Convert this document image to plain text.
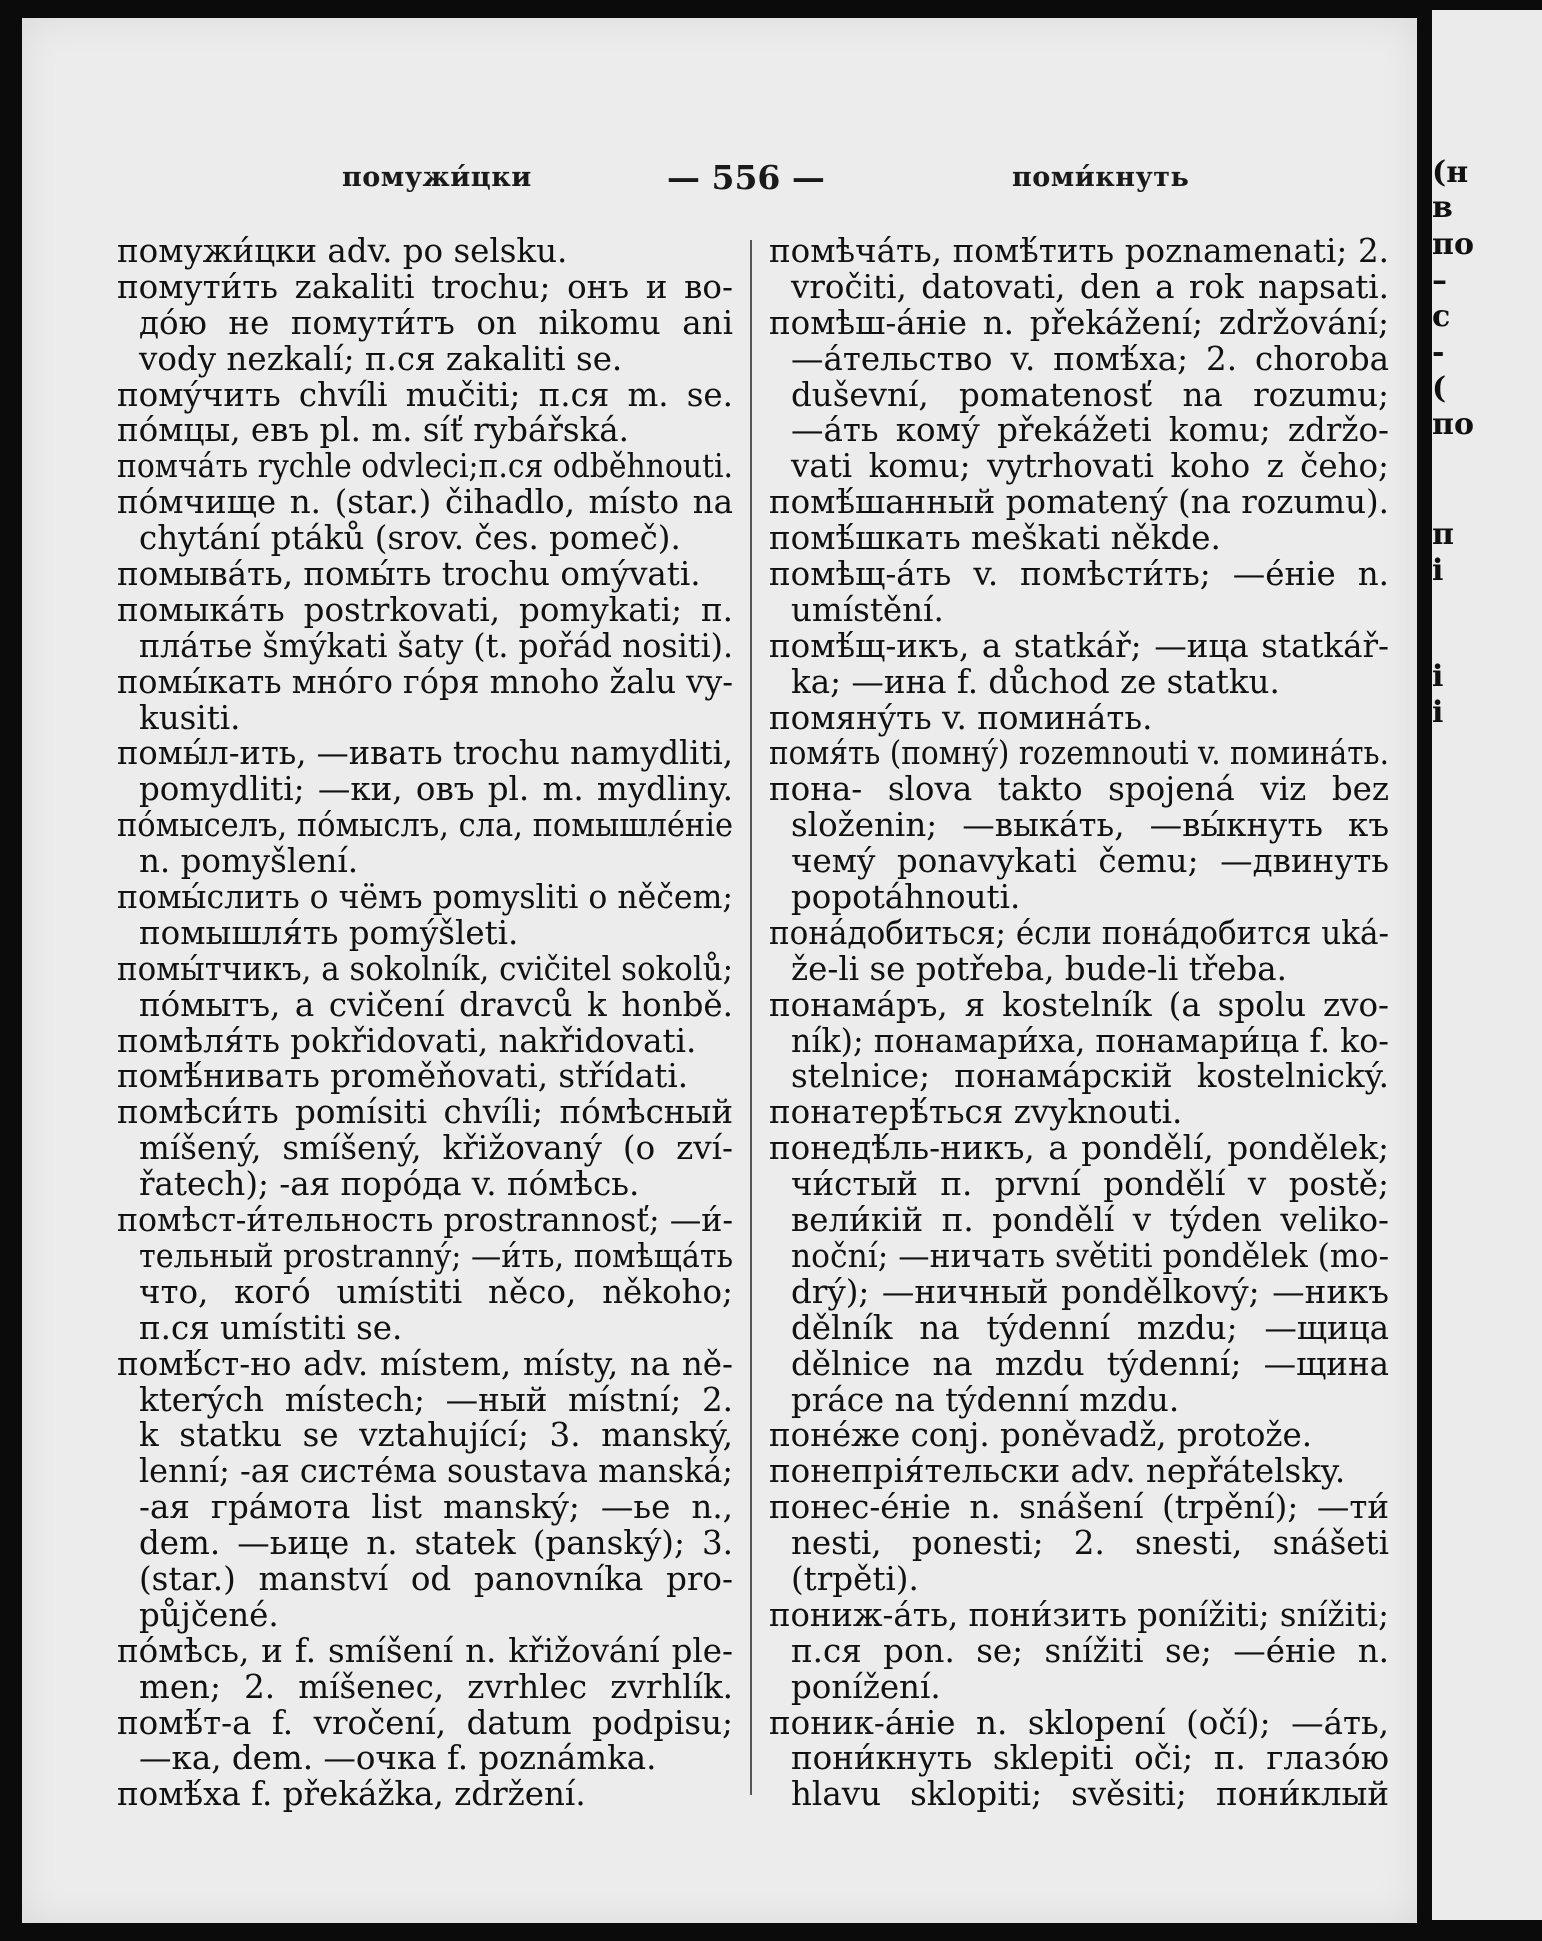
помужи́цки	— 556 —	поми́кнуть
помужи́цки adv. po selsku.
помути́ть zakaliti trochu; онъ и во-
до́ю не помути́тъ on nikomu ani
vody nezkalí; п.ся zakaliti se.
помýчить chvíli mučiti; п.ся m. se.
по́мцы, евъ pl. m. síť rybářská.
помча́ть rychle odvleci;п.ся odběhnouti.
по́мчище n. (star.) čihadlo, místo na
chytání ptáků (srov. čes. pomeč).
помыва́ть, помы́ть trochu omývati.
помыка́ть postrkovati, pomykati; п.
пла́тье šmýkati šaty (t. pořád nositi).
помы́кать мно́го го́ря mnoho žalu vy-
kusiti.
помы́л-ить, —ивать trochu namydliti,
pomydliti; —ки, овъ pl. m. mydliny.
по́мыселъ, по́мыслъ, сла, помышле́ніе
n. pomyšlení.
помы́слить о чёмъ pomysliti o něčem;
помышля́ть pomýšleti.
помы́тчикъ, a sokolník, cvičitel sokolů;
по́мытъ, a cvičení dravců k honbě.
помѣля́ть pokřidovati, nakřidovati.
помѣ́нивать proměňovati, střídati.
помѣси́ть pomísiti chvíli; по́мѣсный
míšený, smíšený, křižovaný (o zví-
řatech); -ая поро́да v. по́мѣсь.
помѣст-и́тельность prostrannosť; —и́-
тельный prostranný; —и́ть, помѣща́ть
что, кого́ umístiti něco, někoho;
п.ся umístiti se.
помѣ́ст-но adv. místem, místy, na ně-
kterých místech; —ный místní; 2.
k statku se vztahující; 3. manský,
lenní; -ая систе́ма soustava manská;
-ая гра́мота list manský; —ье n.,
dem. —ьице n. statek (panský); 3.
(star.) manství od panovníka pro-
půjčené.
по́мѣсь, и f. smíšení n. křižování ple-
men; 2. míšenec, zvrhlec zvrhlík.
помѣ́т-а f. vročení, datum podpisu;
—ка, dem. —очка f. poznámka.
помѣ́ха f. překážka, zdržení.
помѣча́ть, помѣ́тить poznamenati; 2.
vročiti, datovati, den a rok napsati.
помѣш-а́ніе n. překážení; zdržování;
—а́тельство v. помѣ́ха; 2. choroba
duševní, pomatenosť na rozumu;
—а́ть кому́ překážeti komu; zdržo-
vati komu; vytrhovati koho z čeho;
помѣ́шанный pomatený (na rozumu).
помѣ́шкать meškati někde.
помѣщ-а́ть v. помѣсти́ть; —е́ніе n.
umístění.
помѣ́щ-икъ, a statkář; —ица statkář-
ka; —ина f. důchod ze statku.
помянýть v. помина́ть.
помя́ть (помнý) rozemnouti v. помина́ть.
пона- slova takto spojená viz bez
složenin; —выка́ть, —вы́кнуть къ
чемý ponavykati čemu; —двинуть
popotáhnouti.
пона́добиться; е́сли пона́добится uká-
že-li se potřeba, bude-li třeba.
понама́ръ, я kostelník (a spolu zvo-
ník); понамари́ха, понамари́ца f. ko-
stelnice; понама́рскій kostelnický.
понатерѣ́ться zvyknouti.
понедѣ́ль-никъ, a pondělí, pondělek;
чи́стый п. první pondělí v postě;
вели́кій п. pondělí v týden veliko-
noční; —ничать světiti pondělek (mo-
drý); —ничный pondělkový; —никъ
dělník na týdenní mzdu; —щица
dělnice na mzdu týdenní; —щина
práce na týdenní mzdu.
поне́же conj. poněvadž, protože.
понепрія́тельски adv. nepřátelsky.
понес-е́ніе n. snášení (trpění); —ти́
nesti, ponesti; 2. snesti, snášeti
(trpěti).
пониж-а́ть, пони́зить ponížiti; snížiti;
п.ся pon. se; snížiti se; —е́ніе n.
ponížení.
поник-а́ніе n. sklopení (očí); —а́ть,
пони́кнуть sklepiti oči; п. глазо́ю
hlavu sklopiti; svěsiti; пони́клый
(н
в
по
–
c
-
(
по
п
і
і
і
